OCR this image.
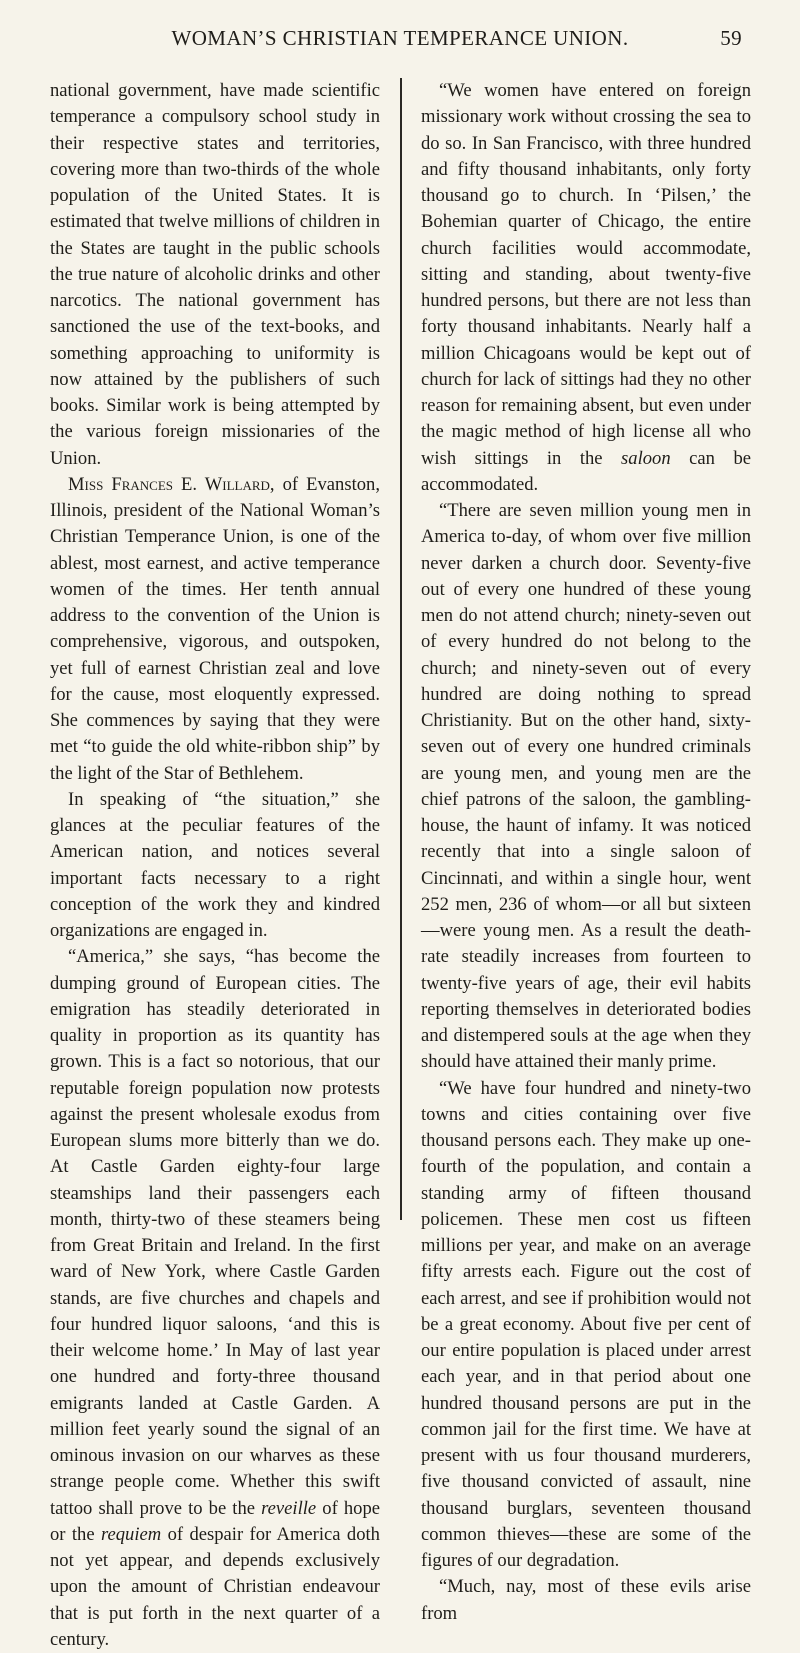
WOMAN’S CHRISTIAN TEMPERANCE UNION.	59

national government, have made scientific temperance a compulsory school study in their respective states and territories, covering more than two-thirds of the whole population of the United States. It is estimated that twelve millions of children in the States are taught in the public schools the true nature of alcoholic drinks and other narcotics. The national government has sanctioned the use of the text-books, and something approaching to uniformity is now attained by the publishers of such books. Similar work is being attempted by the various foreign missionaries of the Union.

Miss Frances E. Willard, of Evanston, Illinois, president of the National Woman’s Christian Temperance Union, is one of the ablest, most earnest, and active temperance women of the times. Her tenth annual address to the convention of the Union is comprehensive, vigorous, and outspoken, yet full of earnest Christian zeal and love for the cause, most eloquently expressed. She commences by saying that they were met “to guide the old white-ribbon ship” by the light of the Star of Bethlehem.

In speaking of “the situation,” she glances at the peculiar features of the American nation, and notices several important facts necessary to a right conception of the work they and kindred organizations are engaged in.

“America,” she says, “has become the dumping ground of European cities. The emigration has steadily deteriorated in quality in proportion as its quantity has grown. This is a fact so notorious, that our reputable foreign population now protests against the present wholesale exodus from European slums more bitterly than we do. At Castle Garden eighty-four large steamships land their passengers each month, thirty-two of these steamers being from Great Britain and Ireland. In the first ward of New York, where Castle Garden stands, are five churches and chapels and four hundred liquor saloons, ‘and this is their welcome home.’ In May of last year one hundred and forty-three thousand emigrants landed at Castle Garden. A million feet yearly sound the signal of an ominous invasion on our wharves as these strange people come. Whether this swift tattoo shall prove to be the reveille of hope or the requiem of despair for America doth not yet appear, and depends exclusively upon the amount of Christian endeavour that is put forth in the next quarter of a century.

“We women have entered on foreign missionary work without crossing the sea to do so. In San Francisco, with three hundred and fifty thousand inhabitants, only forty thousand go to church. In ‘Pilsen,’ the Bohemian quarter of Chicago, the entire church facilities would accommodate, sitting and standing, about twenty-five hundred persons, but there are not less than forty thousand inhabitants. Nearly half a million Chicagoans would be kept out of church for lack of sittings had they no other reason for remaining absent, but even under the magic method of high license all who wish sittings in the saloon can be accommodated.

“There are seven million young men in America to-day, of whom over five million never darken a church door. Seventy-five out of every one hundred of these young men do not attend church; ninety-seven out of every hundred do not belong to the church; and ninety-seven out of every hundred are doing nothing to spread Christianity. But on the other hand, sixty-seven out of every one hundred criminals are young men, and young men are the chief patrons of the saloon, the gambling-house, the haunt of infamy. It was noticed recently that into a single saloon of Cincinnati, and within a single hour, went 252 men, 236 of whom—or all but sixteen—were young men. As a result the death-rate steadily increases from fourteen to twenty-five years of age, their evil habits reporting themselves in deteriorated bodies and distempered souls at the age when they should have attained their manly prime.

“We have four hundred and ninety-two towns and cities containing over five thousand persons each. They make up one-fourth of the population, and contain a standing army of fifteen thousand policemen. These men cost us fifteen millions per year, and make on an average fifty arrests each. Figure out the cost of each arrest, and see if prohibition would not be a great economy. About five per cent of our entire population is placed under arrest each year, and in that period about one hundred thousand persons are put in the common jail for the first time. We have at present with us four thousand murderers, five thousand convicted of assault, nine thousand burglars, seventeen thousand common thieves—these are some of the figures of our degradation.

“Much, nay, most of these evils arise from
